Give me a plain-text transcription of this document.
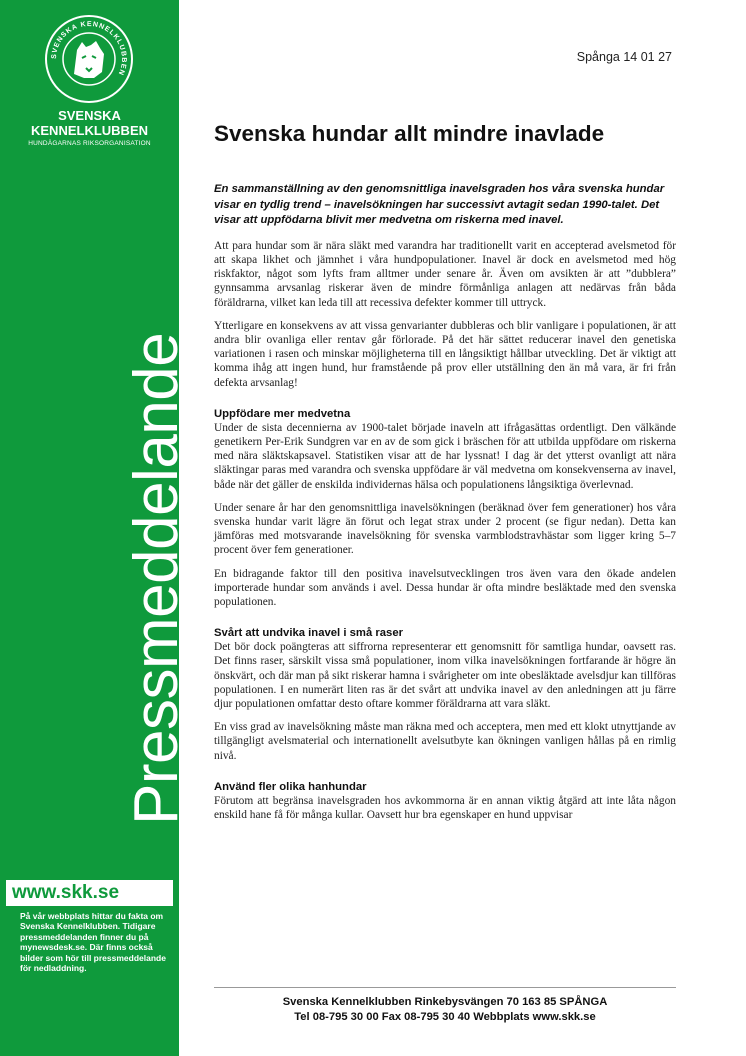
SVENSKA KENNELKLUBBEN
SVENSKA
KENNELKLUBBEN
HUNDÄGARNAS RIKSORGANISATION
Pressmeddelande
www.skk.se
På vår webbplats hittar du fakta om Svenska Kennelklubben. Tidigare pressmeddelanden finner du på mynewsdesk.se. Där finns också bilder som hör till pressmeddelande för nedladdning.
Spånga 14 01 27
Svenska hundar allt mindre inavlade

En sammanställning av den genomsnittliga inavelsgraden hos våra svenska hundar visar en tydlig trend – inavelsökningen har successivt avtagit sedan 1990-talet. Det visar att uppfödarna blivit mer medvetna om riskerna med inavel.

Att para hundar som är nära släkt med varandra har traditionellt varit en accepterad avelsmetod för att skapa likhet och jämnhet i våra hundpopulationer. Inavel är dock en avelsmetod med hög riskfaktor, något som lyfts fram alltmer under senare år. Även om avsikten är att ”dubblera” gynnsamma arvsanlag riskerar även de mindre förmånliga anlagen att nedärvas från båda föräldrarna, vilket kan leda till att recessiva defekter kommer till uttryck.

Ytterligare en konsekvens av att vissa genvarianter dubbleras och blir vanligare i populationen, är att andra blir ovanliga eller rentav går förlorade. På det här sättet reducerar inavel den genetiska variationen i rasen och minskar möjligheterna till en långsiktigt hållbar utveckling. Det är viktigt att komma ihåg att ingen hund, hur framstående på prov eller utställning den än må vara, är fri från defekta arvsanlag!

Uppfödare mer medvetna

Under de sista decennierna av 1900-talet började inaveln att ifrågasättas ordentligt. Den välkände genetikern Per-Erik Sundgren var en av de som gick i bräschen för att utbilda uppfödare om riskerna med nära släktskapsavel. Statistiken visar att de har lyssnat! I dag är det ytterst ovanligt att nära släktingar paras med varandra och svenska uppfödare är väl medvetna om konsekvenserna av inavel, både när det gäller de enskilda individernas hälsa och populationens långsiktiga överlevnad.

Under senare år har den genomsnittliga inavelsökningen (beräknad över fem generationer) hos våra svenska hundar varit lägre än förut och legat strax under 2 procent (se figur nedan). Detta kan jämföras med motsvarande inavelsökning för svenska varmblodstravhästar som ligger kring 5–7 procent över fem generationer.

En bidragande faktor till den positiva inavelsutvecklingen tros även vara den ökade andelen importerade hundar som används i avel. Dessa hundar är ofta mindre besläktade med den svenska populationen.

Svårt att undvika inavel i små raser

Det bör dock poängteras att siffrorna representerar ett genomsnitt för samtliga hundar, oavsett ras. Det finns raser, särskilt vissa små populationer, inom vilka inavelsökningen fortfarande är högre än önskvärt, och där man på sikt riskerar hamna i svårigheter om inte obesläktade avelsdjur kan tillföras populationen. I en numerärt liten ras är det svårt att undvika inavel av den anledningen att ju färre djur populationen omfattar desto oftare kommer föräldrarna att vara släkt.

En viss grad av inavelsökning måste man räkna med och acceptera, men med ett klokt utnyttjande av tillgängligt avelsmaterial och internationellt avelsutbyte kan ökningen vanligen hållas på en rimlig nivå.

Använd fler olika hanhundar

Förutom att begränsa inavelsgraden hos avkommorna är en annan viktig åtgärd att inte låta någon enskild hane få för många kullar. Oavsett hur bra egenskaper en hund uppvisar

Svenska Kennelklubben Rinkebysvängen 70 163 85 SPÅNGA
Tel 08-795 30 00 Fax 08-795 30 40 Webbplats www.skk.se
